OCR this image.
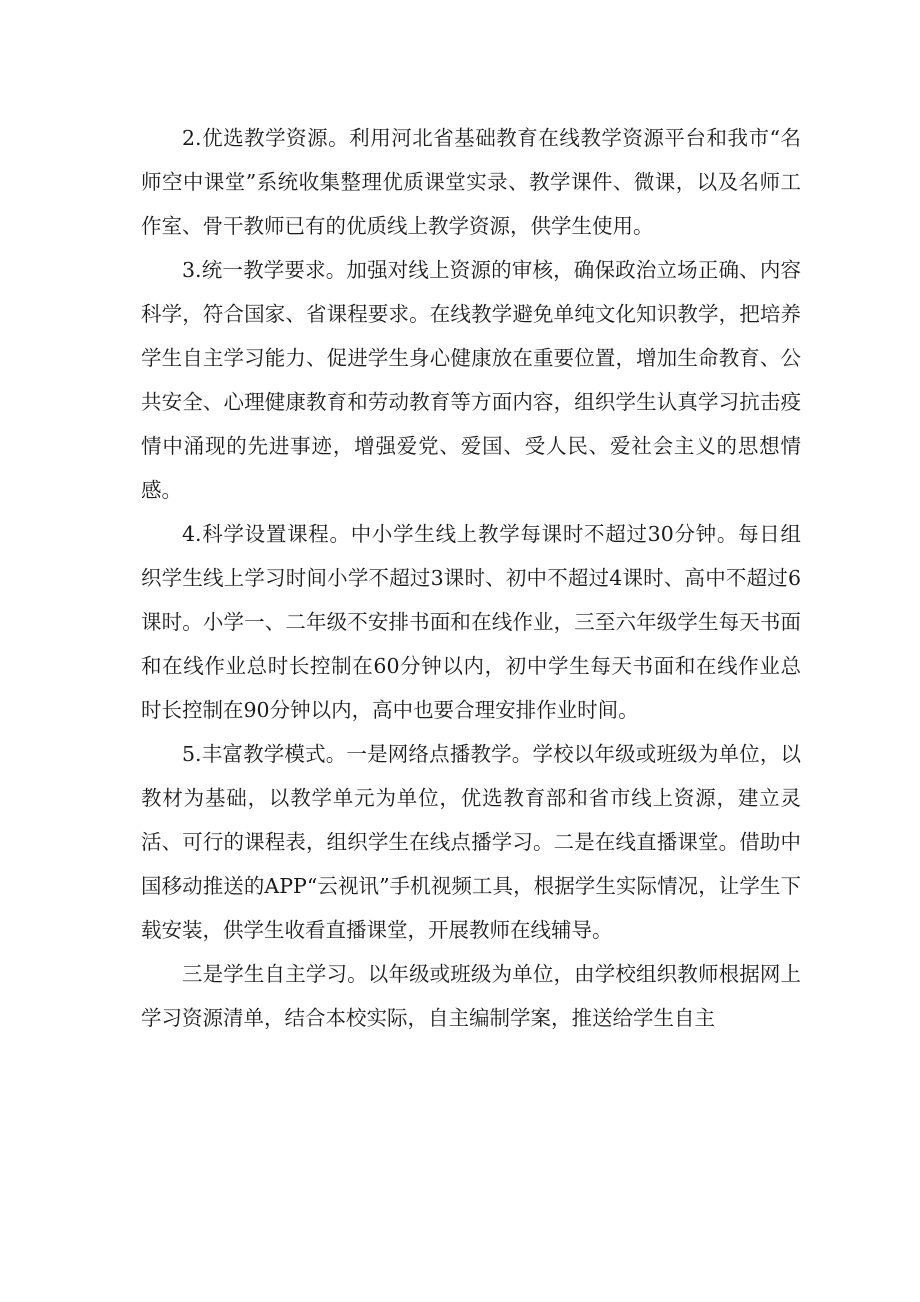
2.优选教学资源。利用河北省基础教育在线教学资源平台和我市“名师空中课堂”系统收集整理优质课堂实录、教学课件、微课，以及名师工作室、骨干教师已有的优质线上教学资源，供学生使用。

3.统一教学要求。加强对线上资源的审核，确保政治立场正确、内容科学，符合国家、省课程要求。在线教学避免单纯文化知识教学，把培养学生自主学习能力、促进学生身心健康放在重要位置，增加生命教育、公共安全、心理健康教育和劳动教育等方面内容，组织学生认真学习抗击疫情中涌现的先进事迹，增强爱党、爱国、受人民、爱社会主义的思想情感。

4.科学设置课程。中小学生线上教学每课时不超过30分钟。每日组织学生线上学习时间小学不超过3课时、初中不超过4课时、高中不超过6课时。小学一、二年级不安排书面和在线作业，三至六年级学生每天书面和在线作业总时长控制在60分钟以内，初中学生每天书面和在线作业总时长控制在90分钟以内，高中也要合理安排作业时间。

5.丰富教学模式。一是网络点播教学。学校以年级或班级为单位，以教材为基础，以教学单元为单位，优选教育部和省市线上资源，建立灵活、可行的课程表，组织学生在线点播学习。二是在线直播课堂。借助中国移动推送的APP“云视讯”手机视频工具，根据学生实际情况，让学生下载安装，供学生收看直播课堂，开展教师在线辅导。

三是学生自主学习。以年级或班级为单位，由学校组织教师根据网上学习资源清单，结合本校实际，自主编制学案，推送给学生自主
